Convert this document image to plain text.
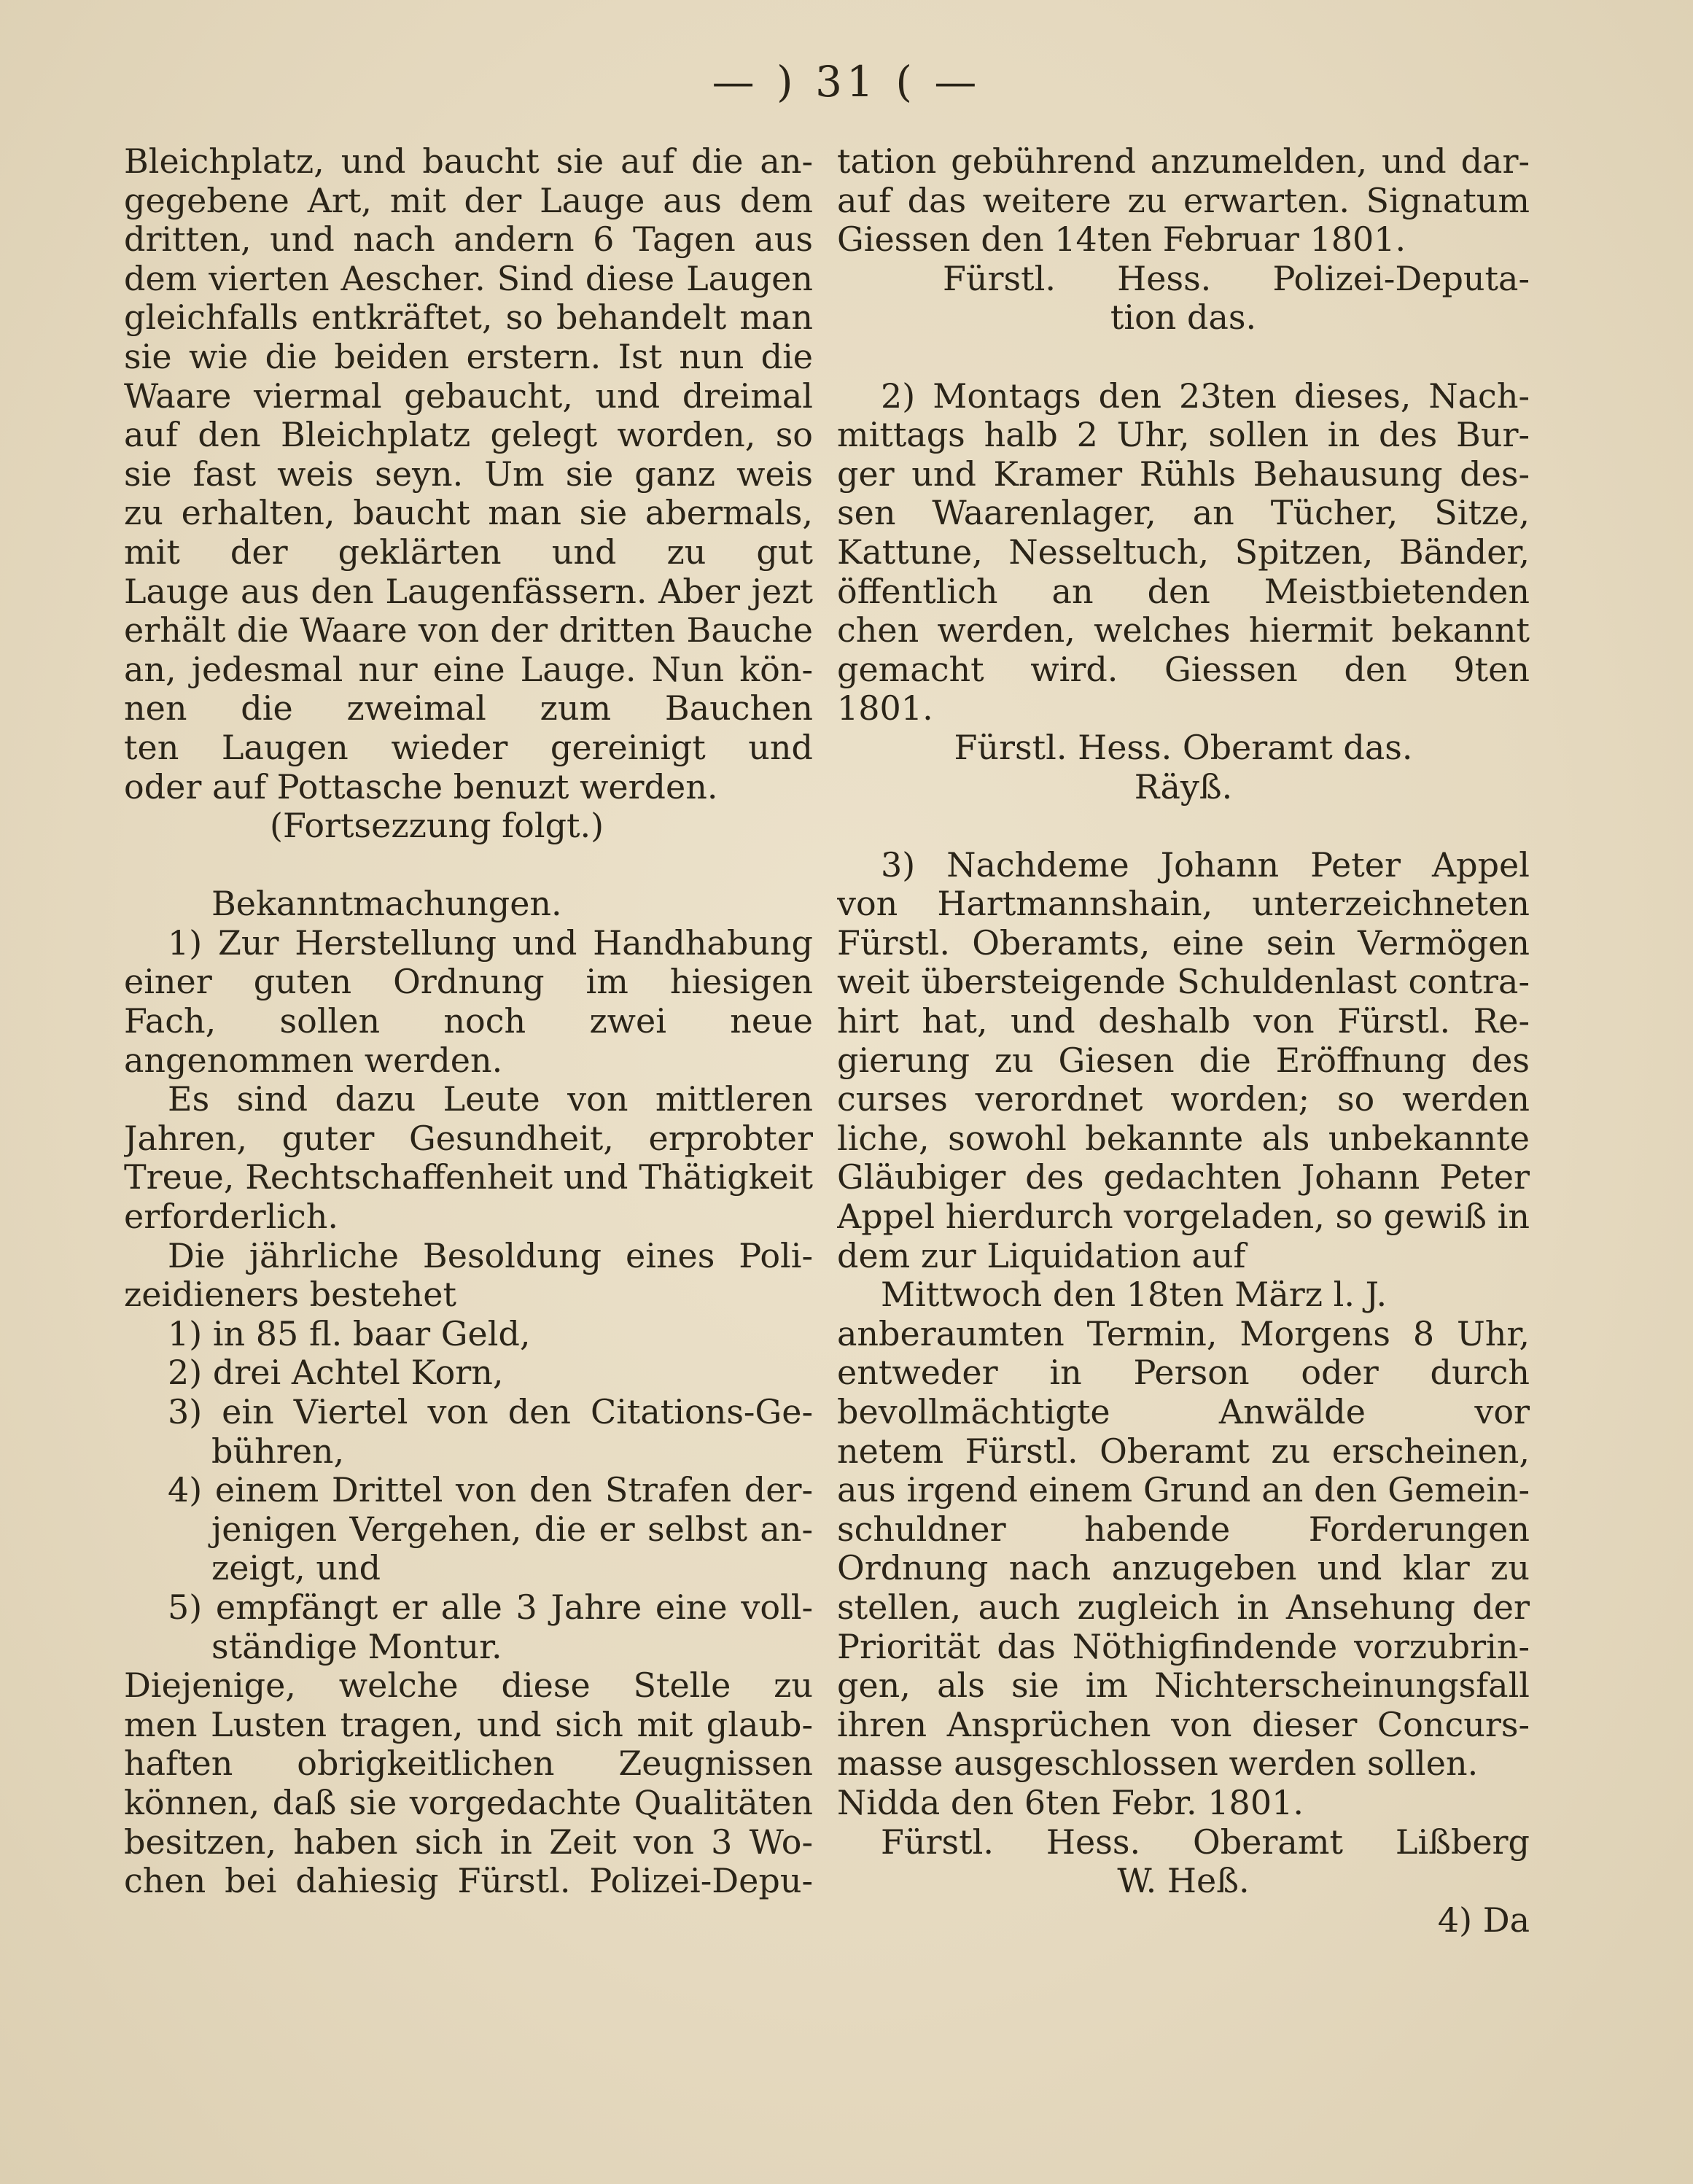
— ) 31 ( —
Bleichplatz, und baucht sie auf die an-
gegebene Art, mit der Lauge aus dem
dritten, und nach andern 6 Tagen aus
dem vierten Aescher. Sind diese Laugen
gleichfalls entkräftet, so behandelt man
sie wie die beiden erstern. Ist nun die
Waare viermal gebaucht, und dreimal
auf den Bleichplatz gelegt worden, so
sie fast weis seyn. Um sie ganz weis
zu erhalten, baucht man sie abermals,
mit der geklärten und zu gut
Lauge aus den Laugenfässern. Aber jezt
erhält die Waare von der dritten Bauche
an, jedesmal nur eine Lauge. Nun kön-
nen die zweimal zum Bauchen
ten Laugen wieder gereinigt und
oder auf Pottasche benuzt werden.
(Fortsezzung folgt.)
Bekanntmachungen.
1) Zur Herstellung und Handhabung
einer guten Ordnung im hiesigen
Fach, sollen noch zwei neue
angenommen werden.
Es sind dazu Leute von mittleren
Jahren, guter Gesundheit, erprobter
Treue, Rechtschaffenheit und Thätigkeit
erforderlich.
Die jährliche Besoldung eines Poli-
zeidieners bestehet
1) in 85 fl. baar Geld,
2) drei Achtel Korn,
3) ein Viertel von den Citations-Ge-
bühren,
4) einem Drittel von den Strafen der-
jenigen Vergehen, die er selbst an-
zeigt, und
5) empfängt er alle 3 Jahre eine voll-
ständige Montur.
Diejenige, welche diese Stelle zu
men Lusten tragen, und sich mit glaub-
haften obrigkeitlichen Zeugnissen
können, daß sie vorgedachte Qualitäten
besitzen, haben sich in Zeit von 3 Wo-
chen bei dahiesig Fürstl. Polizei-Depu-
tation gebührend anzumelden, und dar-
auf das weitere zu erwarten. Signatum
Giessen den 14ten Februar 1801.
Fürstl. Hess. Polizei-Deputa-
tion das.
2) Montags den 23ten dieses, Nach-
mittags halb 2 Uhr, sollen in des Bur-
ger und Kramer Rühls Behausung des-
sen Waarenlager, an Tücher, Sitze,
Kattune, Nesseltuch, Spitzen, Bänder,
öffentlich an den Meistbietenden
chen werden, welches hiermit bekannt
gemacht wird. Giessen den 9ten
1801.
Fürstl. Hess. Oberamt das.
Räyß.
3) Nachdeme Johann Peter Appel
von Hartmannshain, unterzeichneten
Fürstl. Oberamts, eine sein Vermögen
weit übersteigende Schuldenlast contra-
hirt hat, und deshalb von Fürstl. Re-
gierung zu Giesen die Eröffnung des
curses verordnet worden; so werden
liche, sowohl bekannte als unbekannte
Gläubiger des gedachten Johann Peter
Appel hierdurch vorgeladen, so gewiß in
dem zur Liquidation auf
Mittwoch den 18ten März l. J.
anberaumten Termin, Morgens 8 Uhr,
entweder in Person oder durch
bevollmächtigte Anwälde vor
netem Fürstl. Oberamt zu erscheinen,
aus irgend einem Grund an den Gemein-
schuldner habende Forderungen
Ordnung nach anzugeben und klar zu
stellen, auch zugleich in Ansehung der
Priorität das Nöthigfindende vorzubrin-
gen, als sie im Nichterscheinungsfall
ihren Ansprüchen von dieser Concurs-
masse ausgeschlossen werden sollen.
Nidda den 6ten Febr. 1801.
Fürstl. Hess. Oberamt Lißberg
W. Heß.
4) Da
